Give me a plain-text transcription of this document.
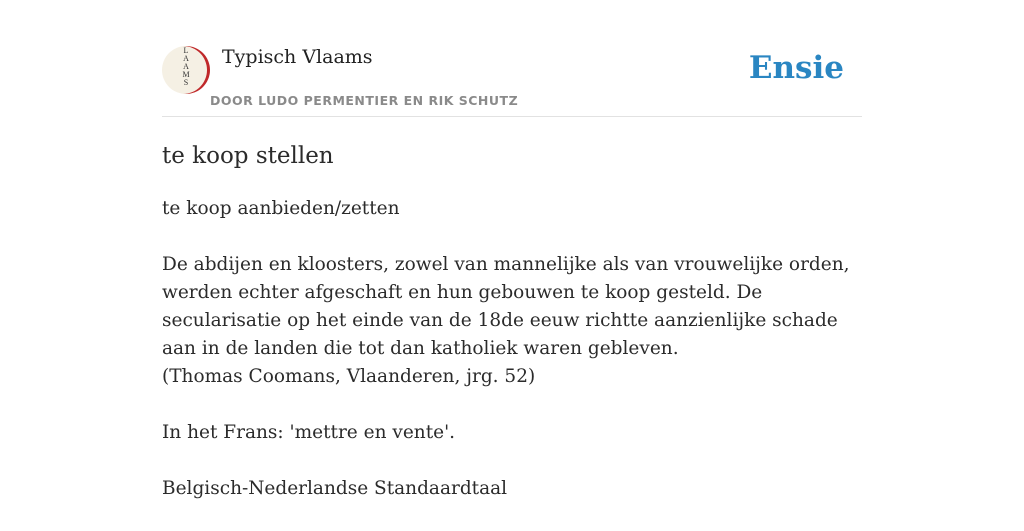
L
A
A
M
S
Typisch Vlaams
DOOR LUDO PERMENTIER EN RIK SCHUTZ
Ensie
te koop stellen

te koop aanbieden/zetten

De abdijen en kloosters, zowel van mannelijke als van vrouwelijke orden, werden echter afgeschaft en hun gebouwen te koop gesteld. De secularisatie op het einde van de 18de eeuw richtte aanzienlijke schade aan in de landen die tot dan katholiek waren gebleven.
(Thomas Coomans, Vlaanderen, jrg. 52)

In het Frans: 'mettre en vente'.

Belgisch-Nederlandse Standaardtaal
